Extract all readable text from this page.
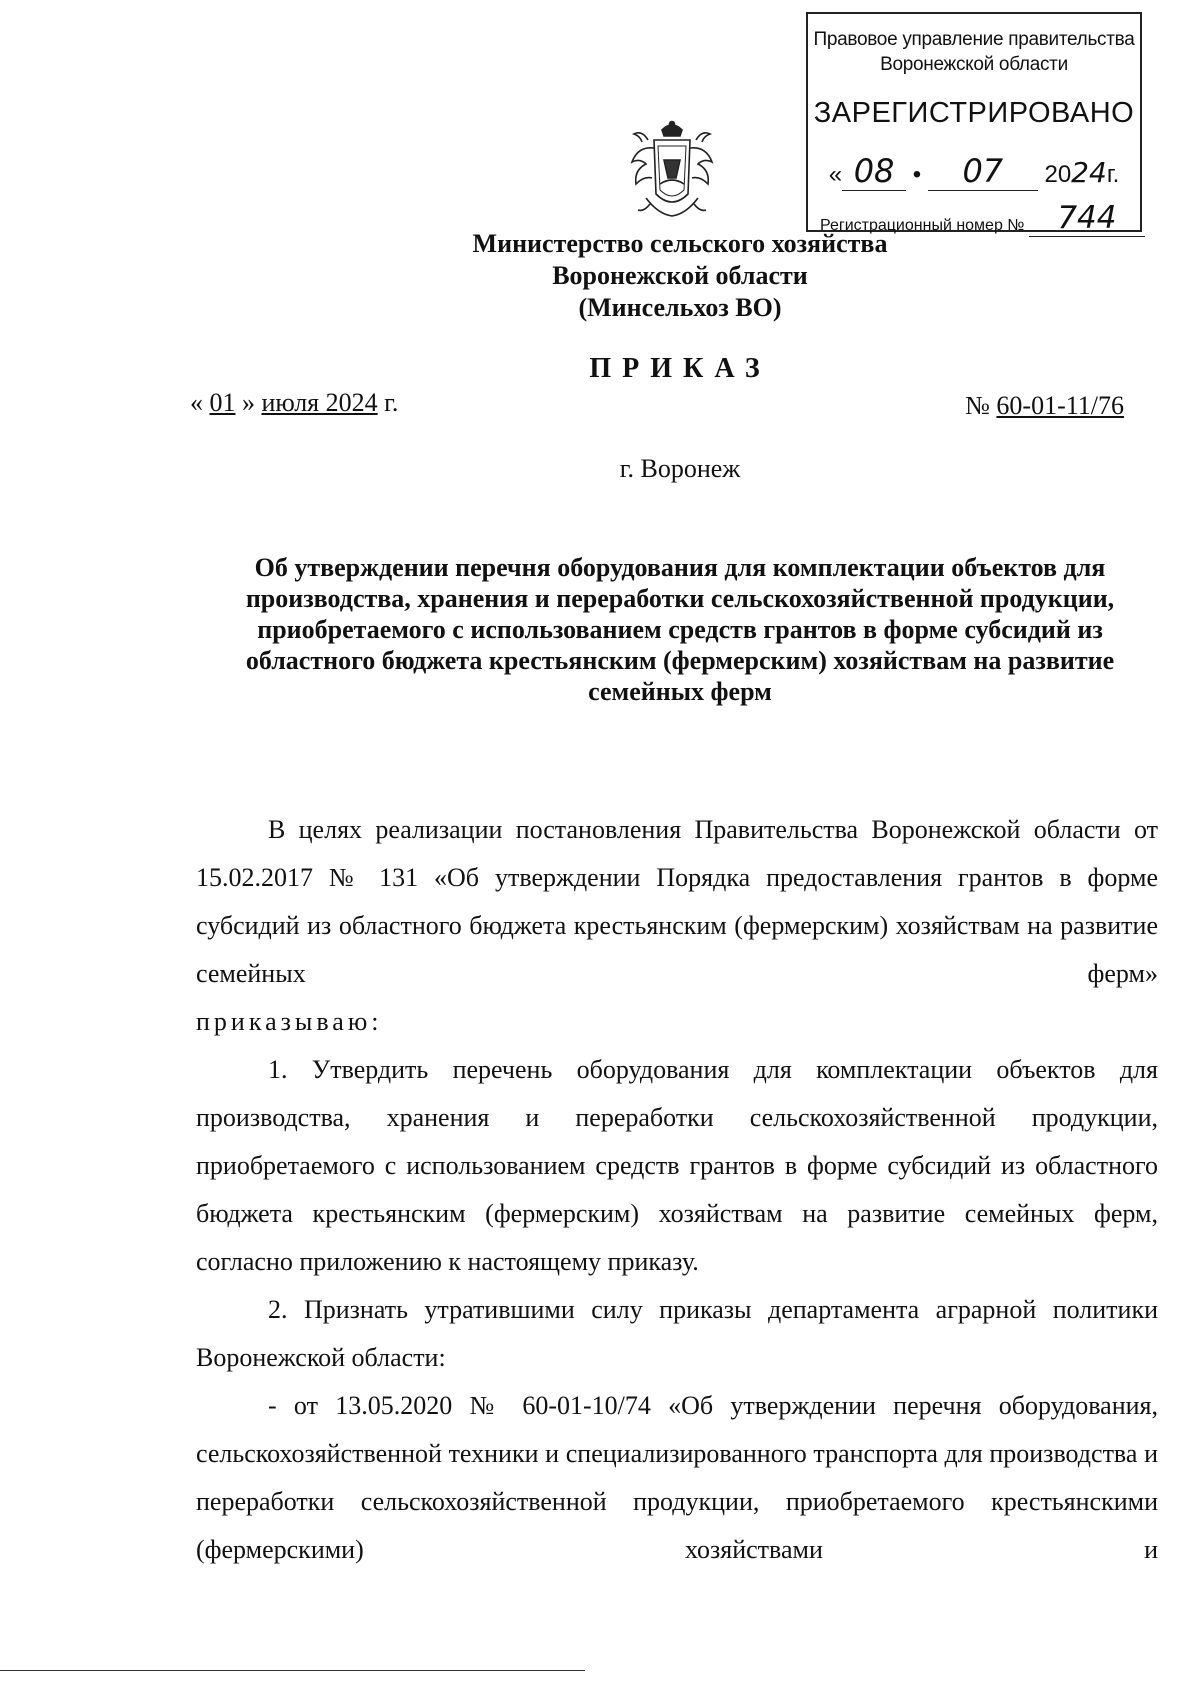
Правовое управление правительства
Воронежской области
ЗАРЕГИСТРИРОВАНО
« 08 • 07 2024г.
Регистрационный номер № 744
Министерство сельского хозяйства
Воронежской области
(Минсельхоз ВО)
ПРИКАЗ
« 01 » июля 2024 г.	№ 60-01-11/76
г. Воронеж
Об утверждении перечня оборудования для комплектации объектов для производства, хранения и переработки сельскохозяйственной продукции, приобретаемого с использованием средств грантов в форме субсидий из областного бюджета крестьянским (фермерским) хозяйствам на развитие семейных ферм

В целях реализации постановления Правительства Воронежской области от 15.02.2017 № 131 «Об утверждении Порядка предоставления грантов в форме субсидий из областного бюджета крестьянским (фермерским) хозяйствам на развитие семейных ферм»

приказываю:

1. Утвердить перечень оборудования для комплектации объектов для производства, хранения и переработки сельскохозяйственной продукции, приобретаемого с использованием средств грантов в форме субсидий из областного бюджета крестьянским (фермерским) хозяйствам на развитие семейных ферм, согласно приложению к настоящему приказу.

2. Признать утратившими силу приказы департамента аграрной политики Воронежской области:

- от 13.05.2020 № 60-01-10/74 «Об утверждении перечня оборудования, сельскохозяйственной техники и специализированного транспорта для производства и переработки сельскохозяйственной продукции, приобретаемого крестьянскими (фермерскими) хозяйствами и
